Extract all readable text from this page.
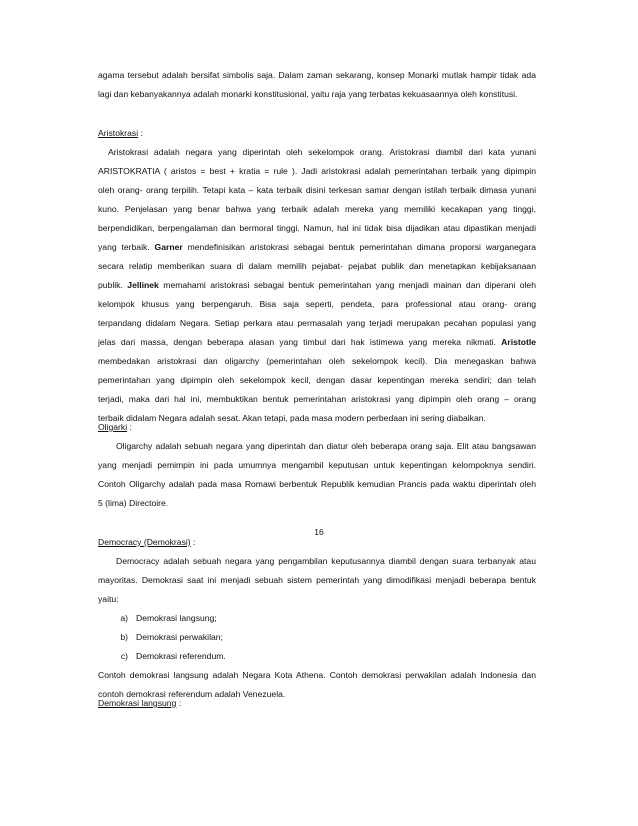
agama tersebut adalah bersifat simbolis saja. Dalam zaman sekarang, konsep Monarki mutlak hampir tidak ada
lagi dan kebanyakannya adalah monarki konstitusional, yaitu raja yang terbatas kekuasaannya oleh konstitusi.
Aristokrasi :
Aristokrasi adalah negara yang diperintah oleh sekelompok orang. Aristokrasi diambil dari kata yunani
ARISTOKRATIA ( aristos = best + kratia = rule ). Jadi aristokrasi adalah pemerintahan terbaik yang dipimpin
oleh orang- orang terpilih. Tetapi kata – kata terbaik disini terkesan samar dengan istilah terbaik dimasa yunani
kuno. Penjelasan yang benar bahwa yang terbaik adalah mereka yang memiliki kecakapan yang tinggi,
berpendidikan, berpengalaman dan bermoral tinggi. Namun, hal ini tidak bisa dijadikan atau dipastikan menjadi
yang terbaik. Garner mendefinisikan aristokrasi sebagai bentuk pemerintahan dimana proporsi warganegara
secara relatip memberikan suara di dalam memilih pejabat- pejabat publik dan menetapkan kebijaksanaan
publik. Jellinek memahami aristokrasi sebagai bentuk pemerintahan yang menjadi mainan dan diperani oleh
kelompok khusus yang berpengaruh. Bisa saja seperti, pendeta, para professional atau orang- orang
terpandang didalam Negara. Setiap perkara atau permasalah yang terjadi merupakan pecahan populasi yang
jelas dari massa, dengan beberapa alasan yang timbul dari hak istimewa yang mereka nikmati. Aristotle
membedakan aristokrasi dan oligarchy (pemerintahan oleh sekelompok kecil). Dia menegaskan bahwa
pemerintahan yang dipimpin oleh sekelompok kecil, dengan dasar kepentingan mereka sendiri; dan telah
terjadi, maka dari hal ini, membuktikan bentuk pemerintahan aristokrasi yang dipimpin oleh orang – orang
terbaik didalam Negara adalah sesat. Akan tetapi, pada masa modern perbedaan ini sering diabaikan.
Oligarki :
Oligarchy adalah sebuah negara yang diperintah dan diatur oleh beberapa orang saja. Elit atau bangsawan
yang menjadi pemimpin ini pada umumnya mengambil keputusan untuk kepentingan kelompoknya sendiri.
Contoh Oligarchy adalah pada masa Romawi berbentuk Republik kemudian Prancis pada waktu diperintah oleh
5 (lima) Directoire.
16
Democracy (Demokrasi) :
Democracy adalah sebuah negara yang pengambilan keputusannya diambil dengan suara terbanyak atau
mayoritas. Demokrasi saat ini menjadi sebuah sistem pemerintah yang dimodifikasi menjadi beberapa bentuk
yaitu:
a) Demokrasi langsung;
b) Demokrasi perwakilan;
c) Demokrasi referendum.
Contoh demokrasi langsung adalah Negara Kota Athena. Contoh demokrasi perwakilan adalah Indonesia dan
contoh demokrasi referendum adalah Venezuela.
Demokrasi langsung :
